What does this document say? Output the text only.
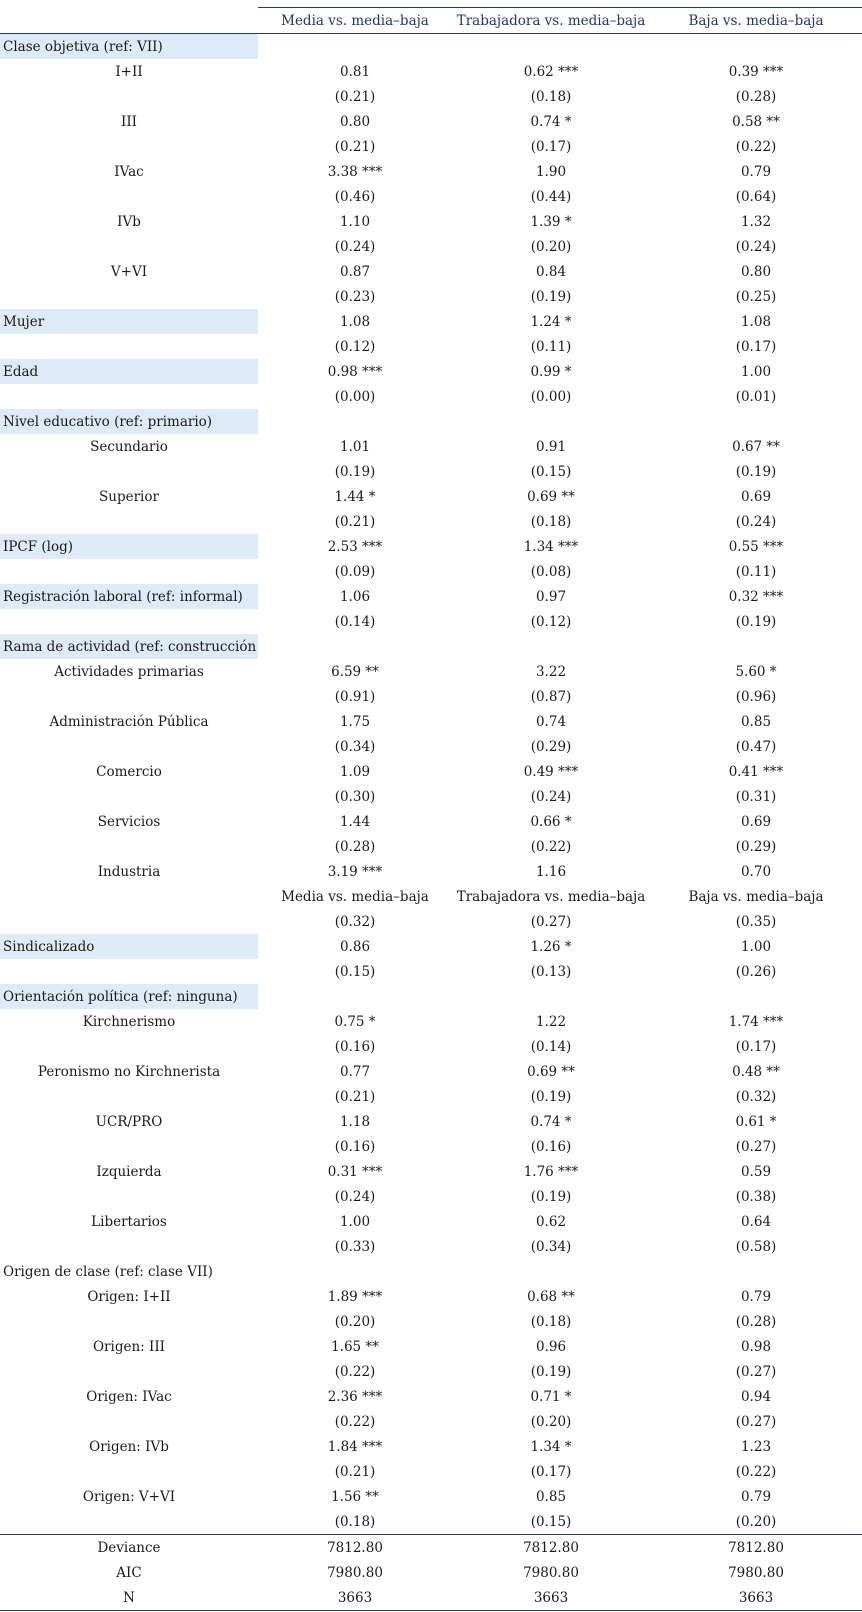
	Media vs. media–baja	Trabajadora vs. media–baja	Baja vs. media–baja
Clase objetiva (ref: VII)			
I+II	0.81	0.62 ***	0.39 ***
	(0.21)	(0.18)	(0.28)
III	0.80	0.74 *	0.58 **
	(0.21)	(0.17)	(0.22)
IVac	3.38 ***	1.90	0.79
	(0.46)	(0.44)	(0.64)
IVb	1.10	1.39 *	1.32
	(0.24)	(0.20)	(0.24)
V+VI	0.87	0.84	0.80
	(0.23)	(0.19)	(0.25)
Mujer	1.08	1.24 *	1.08
	(0.12)	(0.11)	(0.17)
Edad	0.98 ***	0.99 *	1.00
	(0.00)	(0.00)	(0.01)
Nivel educativo (ref: primario)			
Secundario	1.01	0.91	0.67 **
	(0.19)	(0.15)	(0.19)
Superior	1.44 *	0.69 **	0.69
	(0.21)	(0.18)	(0.24)
IPCF (log)	2.53 ***	1.34 ***	0.55 ***
	(0.09)	(0.08)	(0.11)
Registración laboral (ref: informal)	1.06	0.97	0.32 ***
	(0.14)	(0.12)	(0.19)
Rama de actividad (ref: construcción			
Actividades primarias	6.59 **	3.22	5.60 *
	(0.91)	(0.87)	(0.96)
Administración Pública	1.75	0.74	0.85
	(0.34)	(0.29)	(0.47)
Comercio	1.09	0.49 ***	0.41 ***
	(0.30)	(0.24)	(0.31)
Servicios	1.44	0.66 *	0.69
	(0.28)	(0.22)	(0.29)
Industria	3.19 ***	1.16	0.70
	Media vs. media–baja	Trabajadora vs. media–baja	Baja vs. media–baja
	(0.32)	(0.27)	(0.35)
Sindicalizado	0.86	1.26 *	1.00
	(0.15)	(0.13)	(0.26)
Orientación política (ref: ninguna)			
Kirchnerismo	0.75 *	1.22	1.74 ***
	(0.16)	(0.14)	(0.17)
Peronismo no Kirchnerista	0.77	0.69 **	0.48 **
	(0.21)	(0.19)	(0.32)
UCR/PRO	1.18	0.74 *	0.61 *
	(0.16)	(0.16)	(0.27)
Izquierda	0.31 ***	1.76 ***	0.59
	(0.24)	(0.19)	(0.38)
Libertarios	1.00	0.62	0.64
	(0.33)	(0.34)	(0.58)
Origen de clase (ref: clase VII)			
Origen: I+II	1.89 ***	0.68 **	0.79
	(0.20)	(0.18)	(0.28)
Origen: III	1.65 **	0.96	0.98
	(0.22)	(0.19)	(0.27)
Origen: IVac	2.36 ***	0.71 *	0.94
	(0.22)	(0.20)	(0.27)
Origen: IVb	1.84 ***	1.34 *	1.23
	(0.21)	(0.17)	(0.22)
Origen: V+VI	1.56 **	0.85	0.79
	(0.18)	(0.15)	(0.20)
Deviance	7812.80	7812.80	7812.80
AIC	7980.80	7980.80	7980.80
N	3663	3663	3663
